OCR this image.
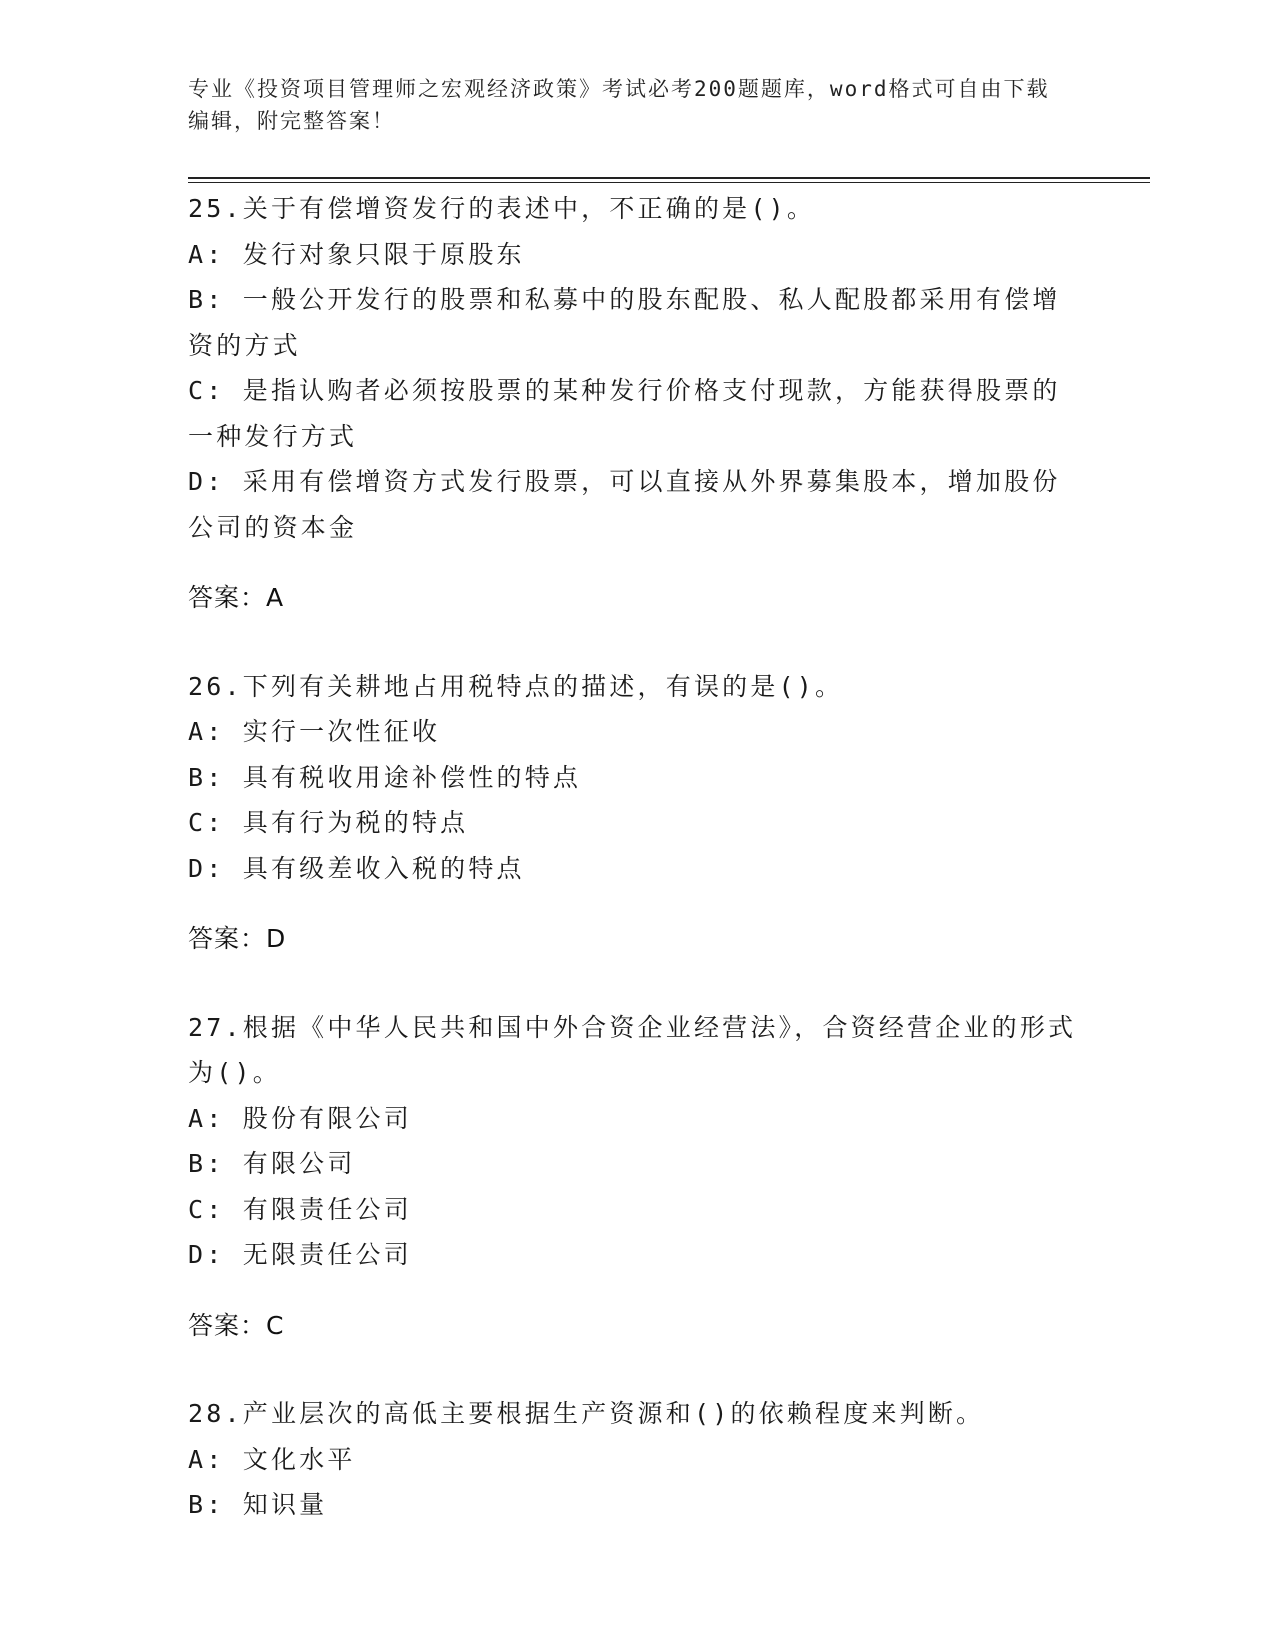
专业《投资项目管理师之宏观经济政策》考试必考200题题库，word格式可自由下载编辑，附完整答案！

25.关于有偿增资发行的表述中，不正确的是()。

A: 发行对象只限于原股东

B: 一般公开发行的股票和私募中的股东配股、私人配股都采用有偿增资的方式

C: 是指认购者必须按股票的某种发行价格支付现款，方能获得股票的一种发行方式

D: 采用有偿增资方式发行股票，可以直接从外界募集股本，增加股份公司的资本金

答案：A

26.下列有关耕地占用税特点的描述，有误的是()。

A: 实行一次性征收

B: 具有税收用途补偿性的特点

C: 具有行为税的特点

D: 具有级差收入税的特点

答案：D

27.根据《中华人民共和国中外合资企业经营法》，合资经营企业的形式为()。

A: 股份有限公司

B: 有限公司

C: 有限责任公司

D: 无限责任公司

答案：C

28.产业层次的高低主要根据生产资源和()的依赖程度来判断。

A: 文化水平

B: 知识量
